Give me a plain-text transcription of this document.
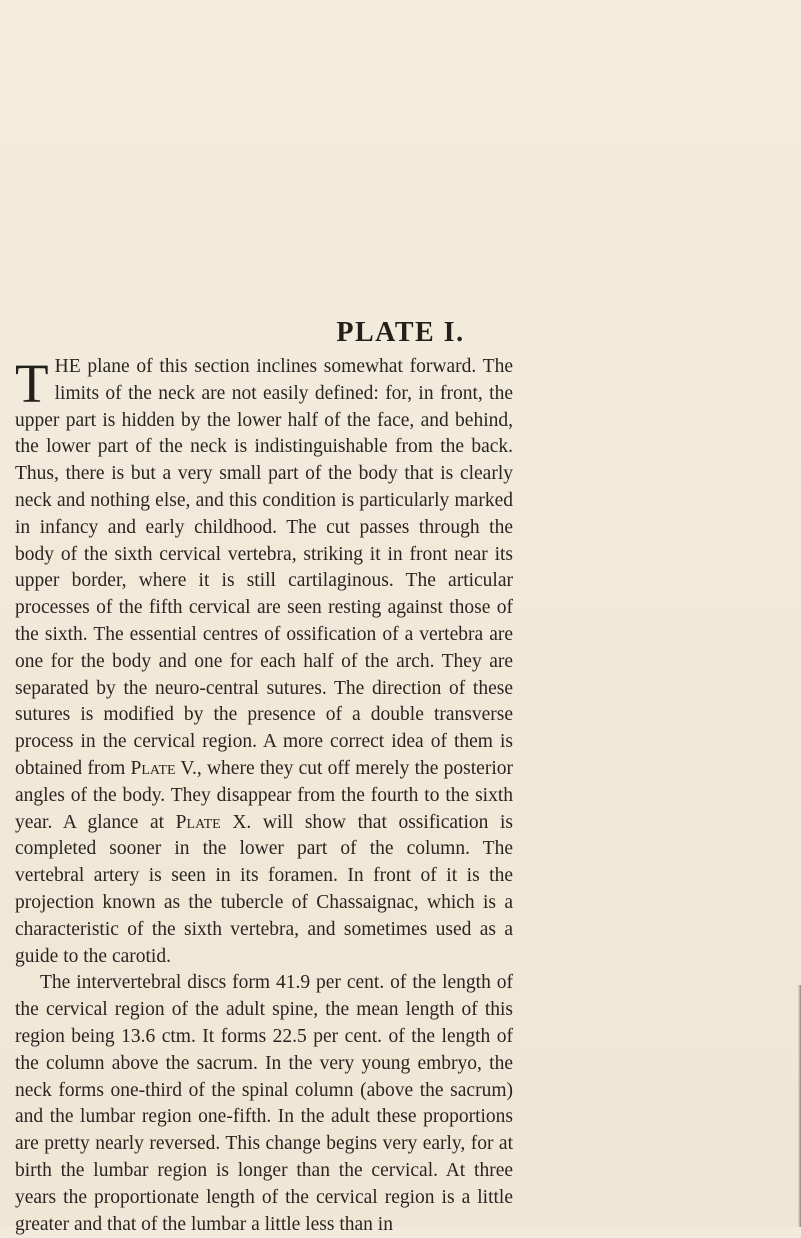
PLATE I.

THE plane of this section inclines somewhat forward. The limits of the neck are not easily defined: for, in front, the upper part is hidden by the lower half of the face, and behind, the lower part of the neck is indistinguishable from the back. Thus, there is but a very small part of the body that is clearly neck and nothing else, and this condition is particularly marked in infancy and early childhood. The cut passes through the body of the sixth cervical vertebra, striking it in front near its upper border, where it is still cartilaginous. The articular processes of the fifth cervical are seen resting against those of the sixth. The essential centres of ossification of a vertebra are one for the body and one for each half of the arch. They are separated by the neuro-central sutures. The direction of these sutures is modified by the presence of a double transverse process in the cervical region. A more correct idea of them is obtained from Plate V., where they cut off merely the posterior angles of the body. They disappear from the fourth to the sixth year. A glance at Plate X. will show that ossification is completed sooner in the lower part of the column. The vertebral artery is seen in its foramen. In front of it is the projection known as the tubercle of Chassaignac, which is a characteristic of the sixth vertebra, and sometimes used as a guide to the carotid.

The intervertebral discs form 41.9 per cent. of the length of the cervical region of the adult spine, the mean length of this region being 13.6 ctm. It forms 22.5 per cent. of the length of the column above the sacrum. In the very young embryo, the neck forms one-third of the spinal column (above the sacrum) and the lumbar region one-fifth. In the adult these proportions are pretty nearly reversed. This change begins very early, for at birth the lumbar region is longer than the cervical. At three years the proportionate length of the cervical region is a little greater and that of the lumbar a little less than in
